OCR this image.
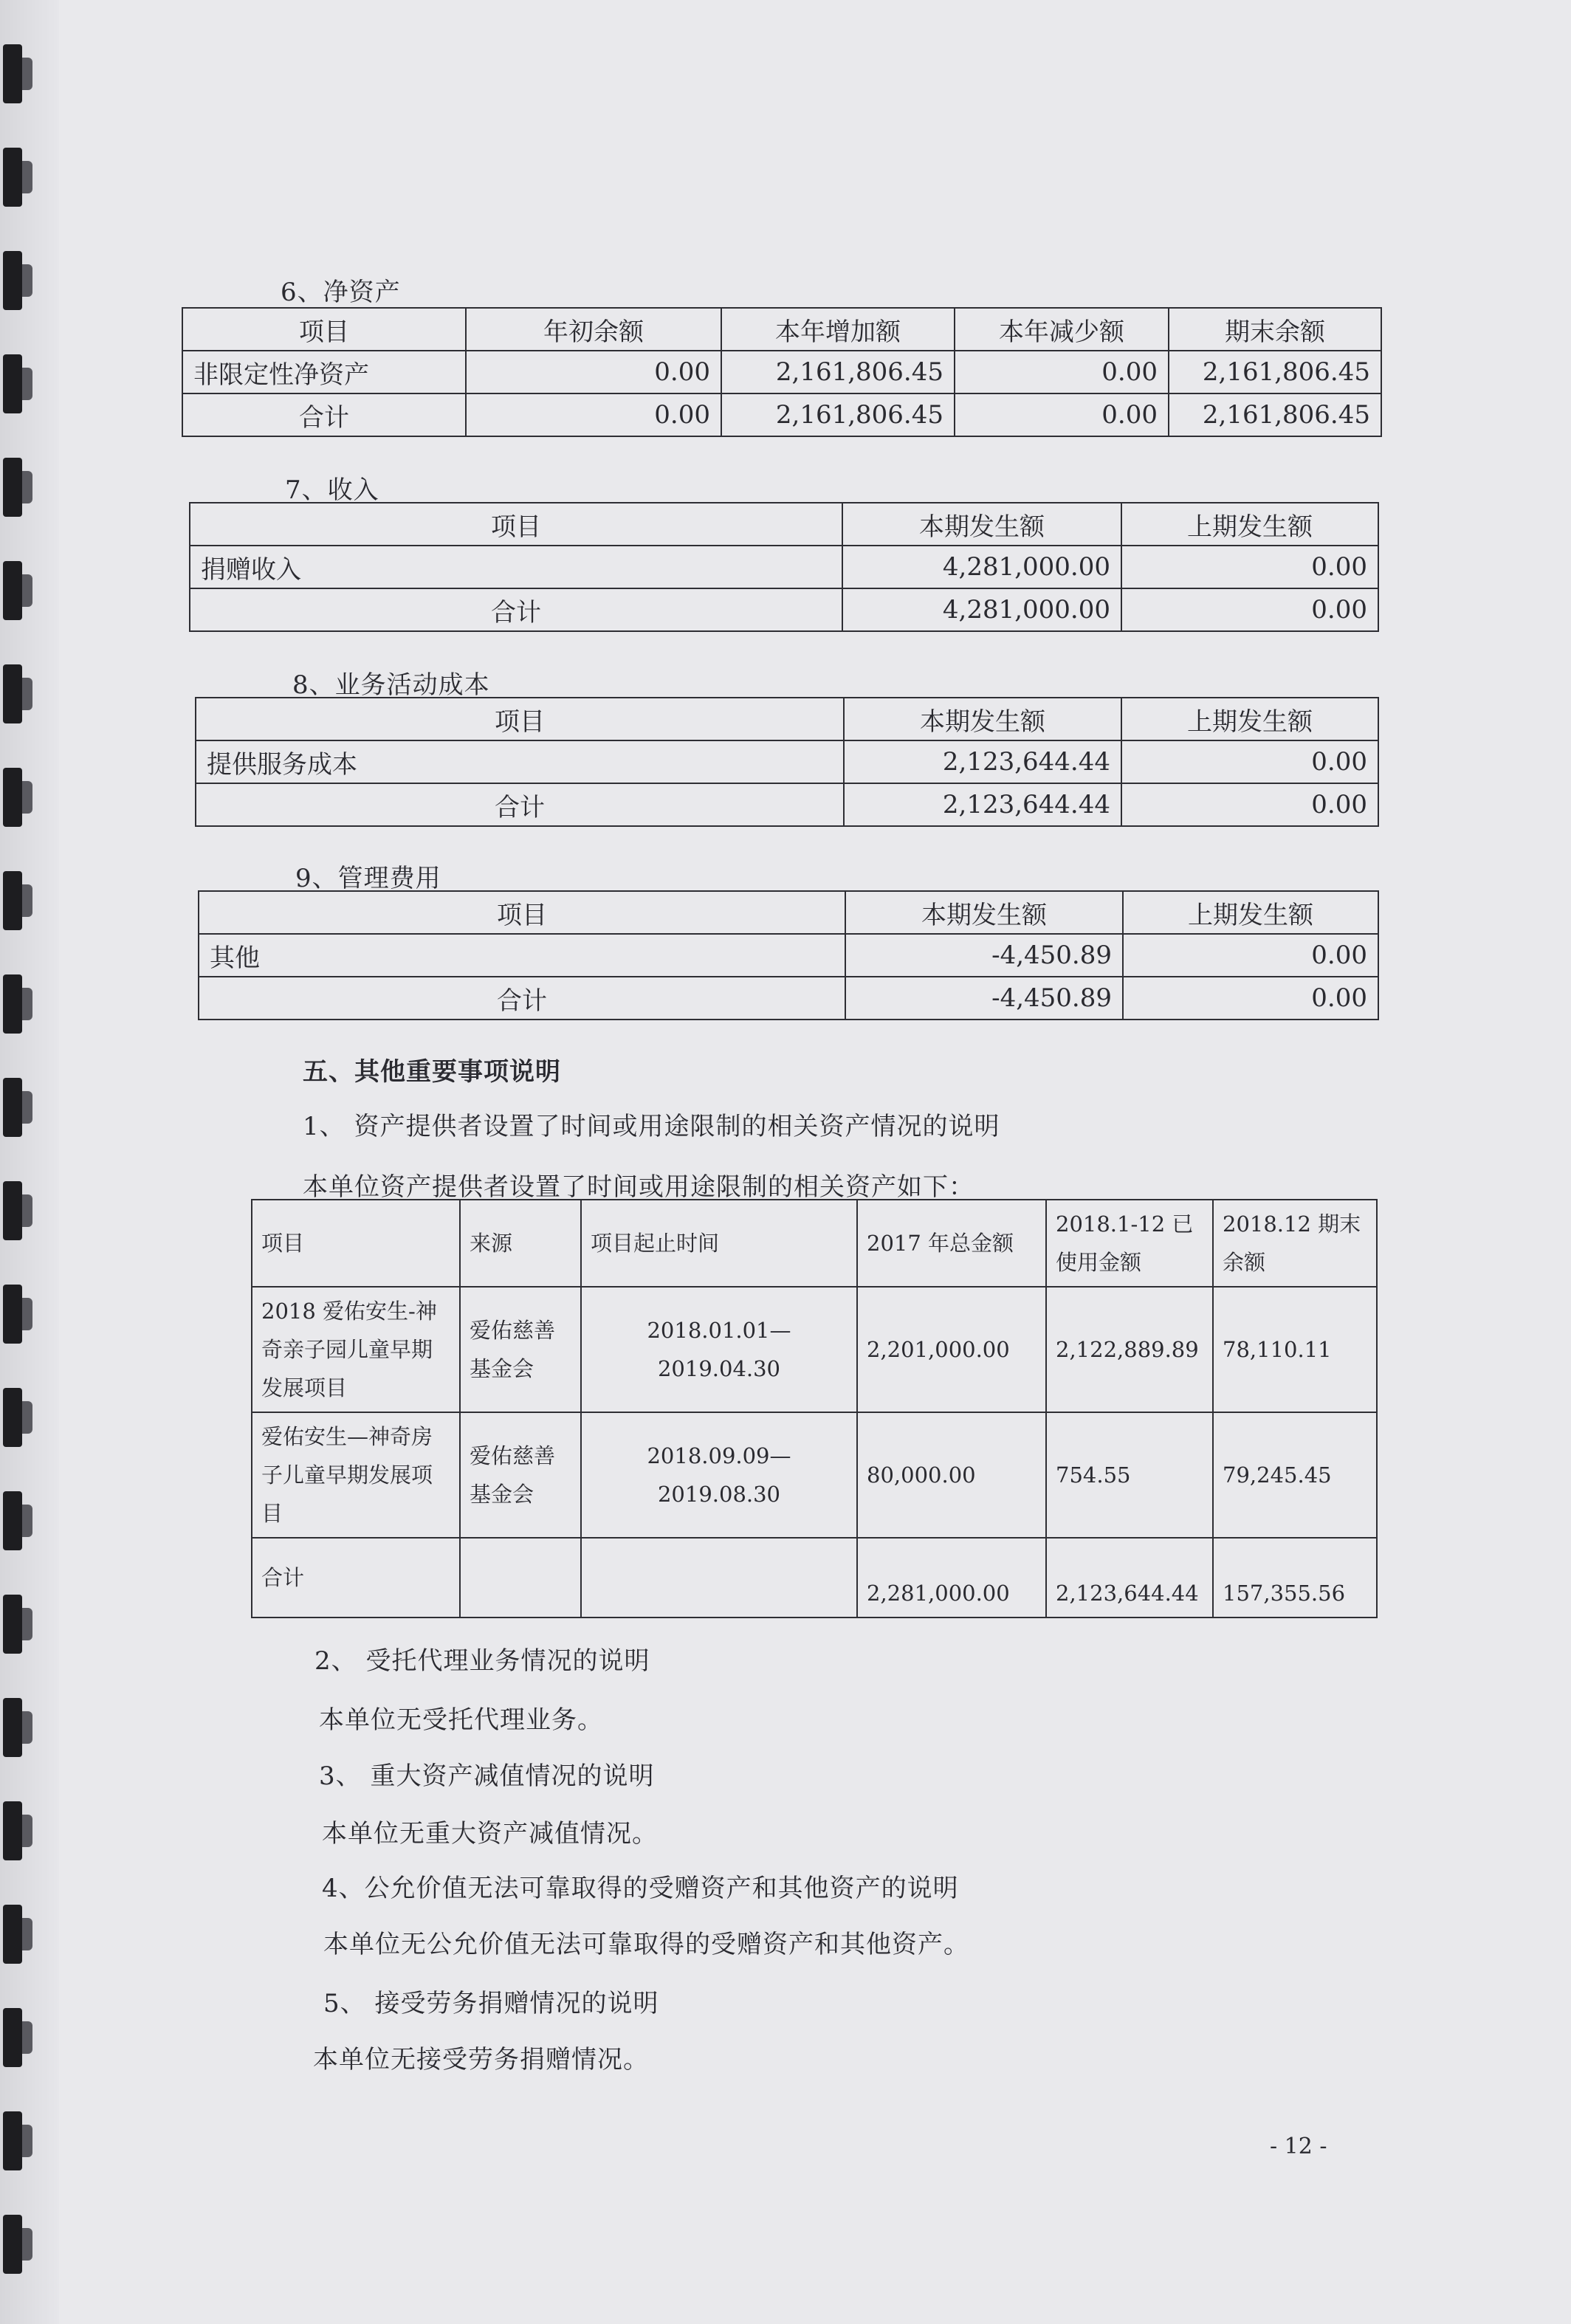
6、净资产
项目	年初余额	本年增加额	本年减少额	期末余额
非限定性净资产	0.00	2,161,806.45	0.00	2,161,806.45
合计	0.00	2,161,806.45	0.00	2,161,806.45
7、收入
项目	本期发生额	上期发生额
捐赠收入	4,281,000.00	0.00
合计	4,281,000.00	0.00
8、业务活动成本
项目	本期发生额	上期发生额
提供服务成本	2,123,644.44	0.00
合计	2,123,644.44	0.00
9、管理费用
项目	本期发生额	上期发生额
其他	-4,450.89	0.00
合计	-4,450.89	0.00
五、其他重要事项说明
1、 资产提供者设置了时间或用途限制的相关资产情况的说明
本单位资产提供者设置了时间或用途限制的相关资产如下：
项目	来源	项目起止时间	2017 年总金额	2018.1-12 已使用金额	2018.12 期末余额
2018 爱佑安生-神奇亲子园儿童早期发展项目	爱佑慈善基金会	2018.01.01—2019.04.30	2,201,000.00	2,122,889.89	78,110.11
爱佑安生—神奇房子儿童早期发展项目	爱佑慈善基金会	2018.09.09—2019.08.30	80,000.00	754.55	79,245.45
合计			2,281,000.00	2,123,644.44	157,355.56
2、 受托代理业务情况的说明
本单位无受托代理业务。
3、 重大资产减值情况的说明
本单位无重大资产减值情况。
4、公允价值无法可靠取得的受赠资产和其他资产的说明
本单位无公允价值无法可靠取得的受赠资产和其他资产。
5、 接受劳务捐赠情况的说明
本单位无接受劳务捐赠情况。
- 12 -
